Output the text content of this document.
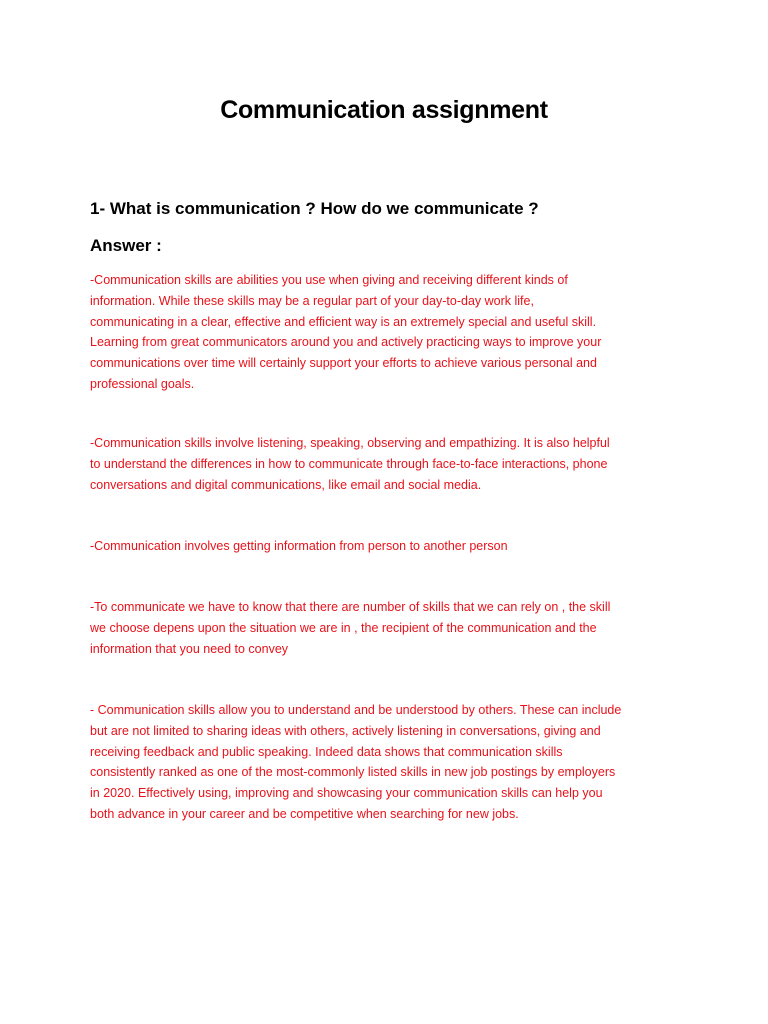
Communication assignment
1- What is communication ? How do we communicate ?
Answer :

-Communication skills are abilities you use when giving and receiving different kinds of
information. While these skills may be a regular part of your day-to-day work life,
communicating in a clear, effective and efficient way is an extremely special and useful skill.
Learning from great communicators around you and actively practicing ways to improve your
communications over time will certainly support your efforts to achieve various personal and
professional goals.

-Communication skills involve listening, speaking, observing and empathizing. It is also helpful
to understand the differences in how to communicate through face-to-face interactions, phone
conversations and digital communications, like email and social media.

-Communication involves getting information from person to another person

-To communicate we have to know that there are number of skills that we can rely on , the skill
we choose depens upon the situation we are in , the recipient of the communication and the
information that you need to convey

- Communication skills allow you to understand and be understood by others. These can include
but are not limited to sharing ideas with others, actively listening in conversations, giving and
receiving feedback and public speaking. Indeed data shows that communication skills
consistently ranked as one of the most-commonly listed skills in new job postings by employers
in 2020. Effectively using, improving and showcasing your communication skills can help you
both advance in your career and be competitive when searching for new jobs.
